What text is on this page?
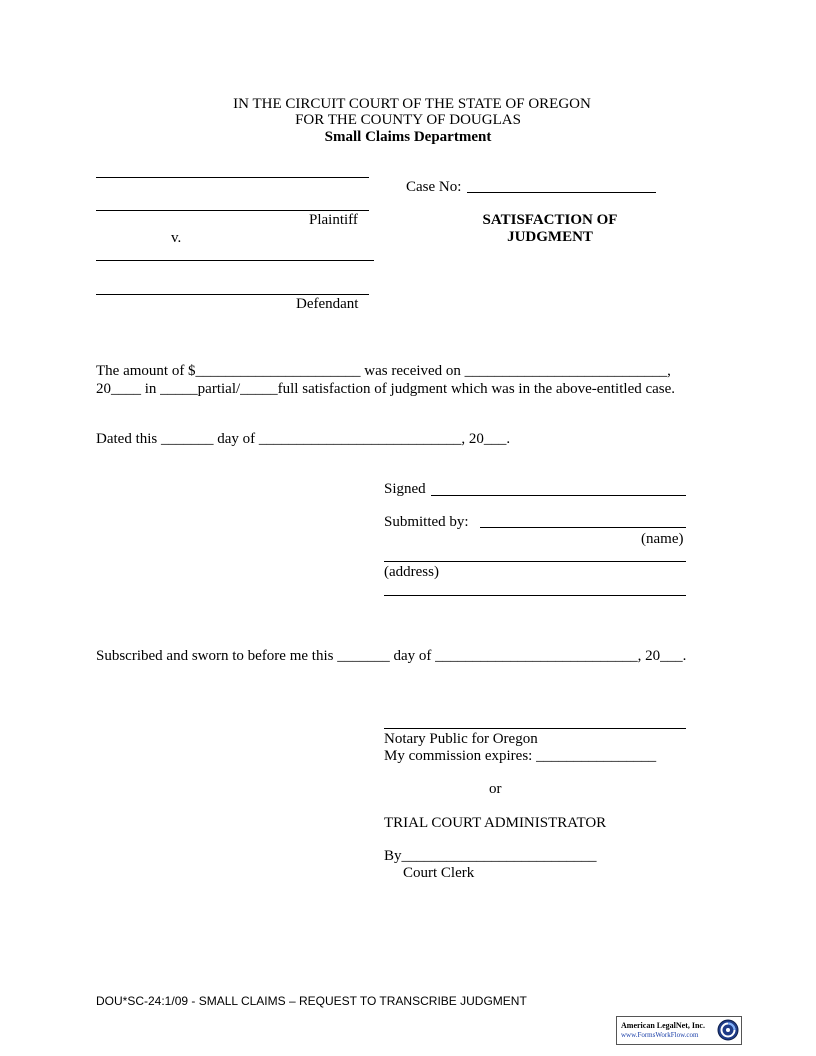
IN THE CIRCUIT COURT OF THE STATE OF OREGON
FOR THE COUNTY OF DOUGLAS
Small Claims Department
Plaintiff
v.
Defendant
Case No:
SATISFACTION OF
JUDGMENT
The amount of $______________________ was received on ___________________________,
20____ in _____partial/_____full satisfaction of judgment which was in the above-entitled case.
Dated this _______ day of ___________________________, 20___.
Signed
Submitted by:
(name)
(address)
Subscribed and sworn to before me this _______ day of ___________________________, 20___.
Notary Public for Oregon
My commission expires: ________________
or
TRIAL COURT ADMINISTRATOR
By__________________________
Court Clerk
DOU*SC-24:1/09 - SMALL CLAIMS – REQUEST TO TRANSCRIBE JUDGMENT
American LegalNet, Inc.
www.FormsWorkFlow.com
